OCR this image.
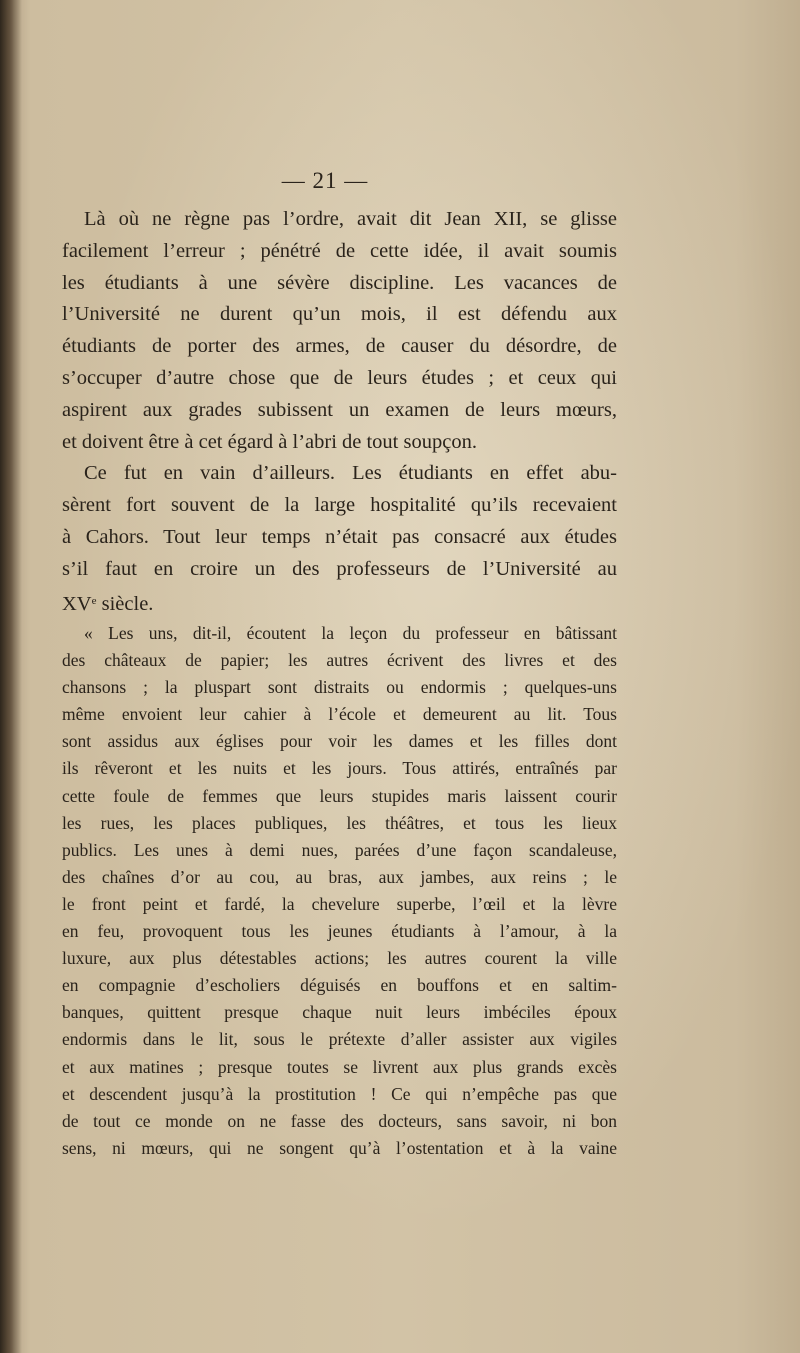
— 21 —

Là où ne règne pas l’ordre, avait dit Jean XII, se glisse
facilement l’erreur ; pénétré de cette idée, il avait soumis
les étudiants à une sévère discipline. Les vacances de
l’Université ne durent qu’un mois, il est défendu aux
étudiants de porter des armes, de causer du désordre, de
s’occuper d’autre chose que de leurs études ; et ceux qui
aspirent aux grades subissent un examen de leurs mœurs,
et doivent être à cet égard à l’abri de tout soupçon.

Ce fut en vain d’ailleurs. Les étudiants en effet abu-
sèrent fort souvent de la large hospitalité qu’ils recevaient
à Cahors. Tout leur temps n’était pas consacré aux études
s’il faut en croire un des professeurs de l’Université au
XVe siècle.

« Les uns, dit-il, écoutent la leçon du professeur en bâtissant
des châteaux de papier; les autres écrivent des livres et des
chansons ; la pluspart sont distraits ou endormis ; quelques-uns
même envoient leur cahier à l’école et demeurent au lit. Tous
sont assidus aux églises pour voir les dames et les filles dont
ils rêveront et les nuits et les jours. Tous attirés, entraînés par
cette foule de femmes que leurs stupides maris laissent courir
les rues, les places publiques, les théâtres, et tous les lieux
publics. Les unes à demi nues, parées d’une façon scandaleuse,
des chaînes d’or au cou, au bras, aux jambes, aux reins ; le
le front peint et fardé, la chevelure superbe, l’œil et la lèvre
en feu, provoquent tous les jeunes étudiants à l’amour, à la
luxure, aux plus détestables actions; les autres courent la ville
en compagnie d’escholiers déguisés en bouffons et en saltim-
banques, quittent presque chaque nuit leurs imbéciles époux
endormis dans le lit, sous le prétexte d’aller assister aux vigiles
et aux matines ; presque toutes se livrent aux plus grands excès
et descendent jusqu’à la prostitution ! Ce qui n’empêche pas que
de tout ce monde on ne fasse des docteurs, sans savoir, ni bon
sens, ni mœurs, qui ne songent qu’à l’ostentation et à la vaine
